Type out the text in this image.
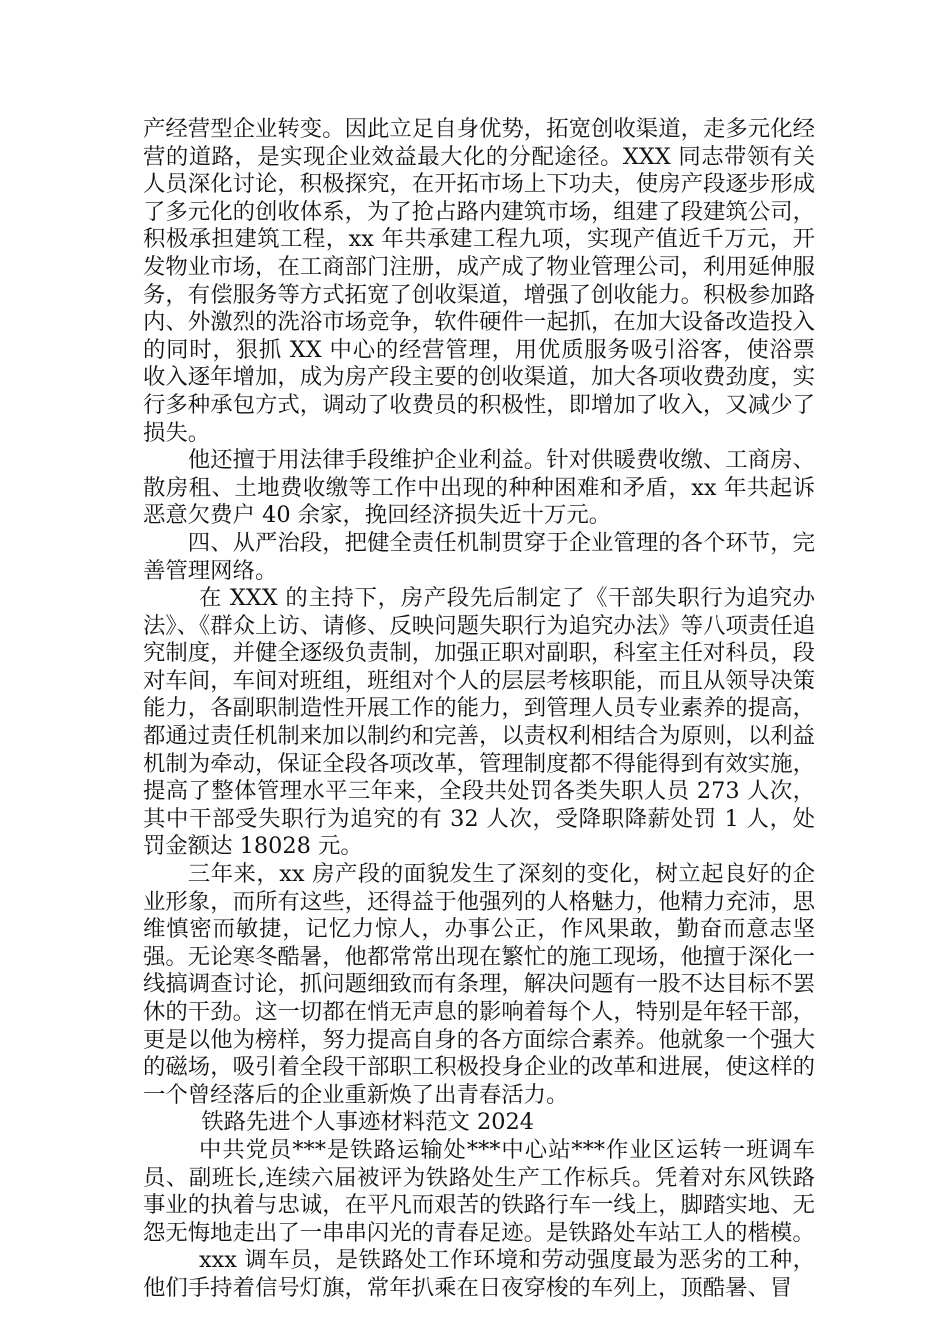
产经营型企业转变。因此立足自身优势，拓宽创收渠道，走多元化经营的道路，是实现企业效益最大化的分配途径。XXX 同志带领有关人员深化讨论，积极探究，在开拓市场上下功夫，使房产段逐步形成了多元化的创收体系，为了抢占路内建筑市场，组建了段建筑公司，积极承担建筑工程，xx 年共承建工程九项，实现产值近千万元，开发物业市场，在工商部门注册，成产成了物业管理公司，利用延伸服务，有偿服务等方式拓宽了创收渠道，增强了创收能力。积极参加路内、外激烈的洗浴市场竞争，软件硬件一起抓，在加大设备改造投入的同时，狠抓 XX 中心的经营管理，用优质服务吸引浴客，使浴票收入逐年增加，成为房产段主要的创收渠道，加大各项收费劲度，实行多种承包方式，调动了收费员的积极性，即增加了收入，又减少了损失。

他还擅于用法律手段维护企业利益。针对供暖费收缴、工商房、散房租、土地费收缴等工作中出现的种种困难和矛盾，xx 年共起诉恶意欠费户 40 余家，挽回经济损失近十万元。

四、从严治段，把健全责任机制贯穿于企业管理的各个环节，完善管理网络。

在 XXX 的主持下，房产段先后制定了《干部失职行为追究办法》、《群众上访、请修、反映问题失职行为追究办法》等八项责任追究制度，并健全逐级负责制，加强正职对副职，科室主任对科员，段对车间，车间对班组，班组对个人的层层考核职能，而且从领导决策能力，各副职制造性开展工作的能力，到管理人员专业素养的提高，都通过责任机制来加以制约和完善，以责权利相结合为原则，以利益机制为牵动，保证全段各项改革，管理制度都不得能得到有效实施，提高了整体管理水平三年来，全段共处罚各类失职人员 273 人次，其中干部受失职行为追究的有 32 人次，受降职降薪处罚 1 人，处罚金额达 18028 元。

三年来，xx 房产段的面貌发生了深刻的变化，树立起良好的企业形象，而所有这些，还得益于他强列的人格魅力，他精力充沛，思维慎密而敏捷，记忆力惊人，办事公正，作风果敢，勤奋而意志坚强。无论寒冬酷暑，他都常常出现在繁忙的施工现场，他擅于深化一线搞调查讨论，抓问题细致而有条理，解决问题有一股不达目标不罢休的干劲。这一切都在悄无声息的影响着每个人，特别是年轻干部，更是以他为榜样，努力提高自身的各方面综合素养。他就象一个强大的磁场，吸引着全段干部职工积极投身企业的改革和进展，使这样的一个曾经落后的企业重新焕了出青春活力。

铁路先进个人事迹材料范文 2024

中共党员***是铁路运输处***中心站***作业区运转一班调车员、副班长,连续六届被评为铁路处生产工作标兵。凭着对东风铁路事业的执着与忠诚，在平凡而艰苦的铁路行车一线上，脚踏实地、无怨无悔地走出了一串串闪光的青春足迹。是铁路处车站工人的楷模。

xxx 调车员，是铁路处工作环境和劳动强度最为恶劣的工种，他们手持着信号灯旗，常年扒乘在日夜穿梭的车列上，顶酷暑、冒
